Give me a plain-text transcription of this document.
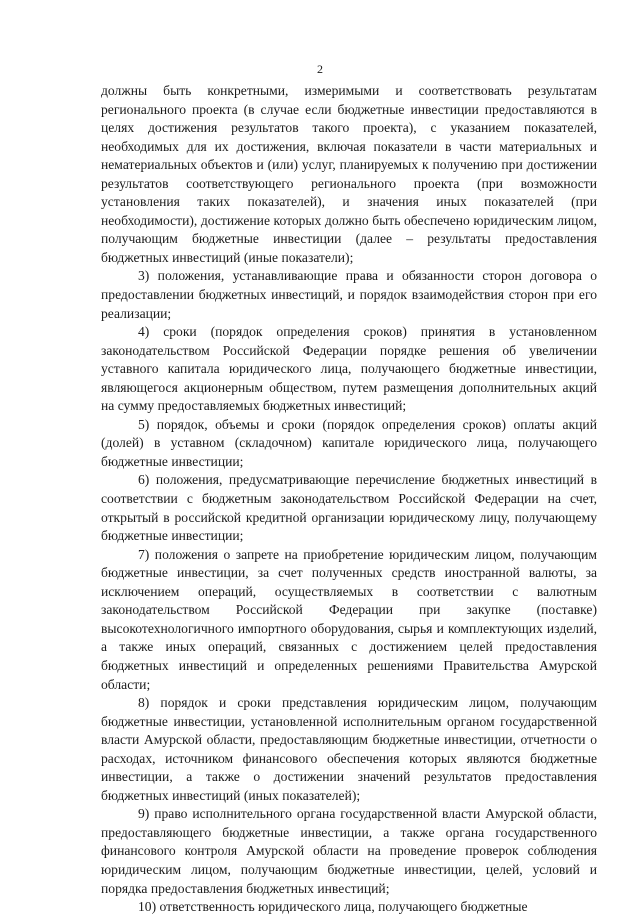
2

должны быть конкретными, измеримыми и соответствовать результатам регионального проекта (в случае если бюджетные инвестиции предоставляются в целях достижения результатов такого проекта), с указанием показателей, необходимых для их достижения, включая показатели в части материальных и нематериальных объектов и (или) услуг, планируемых к получению при достижении результатов соответствующего регионального проекта (при возможности установления таких показателей), и значения иных показателей (при необходимости), достижение которых должно быть обеспечено юридическим лицом, получающим бюджетные инвестиции (далее – результаты предоставления бюджетных инвестиций (иные показатели);

3) положения, устанавливающие права и обязанности сторон договора о предоставлении бюджетных инвестиций, и порядок взаимодействия сторон при его реализации;

4) сроки (порядок определения сроков) принятия в установленном законодательством Российской Федерации порядке решения об увеличении уставного капитала юридического лица, получающего бюджетные инвестиции, являющегося акционерным обществом, путем размещения дополнительных акций на сумму предоставляемых бюджетных инвестиций;

5) порядок, объемы и сроки (порядок определения сроков) оплаты акций (долей) в уставном (складочном) капитале юридического лица, получающего бюджетные инвестиции;

6) положения, предусматривающие перечисление бюджетных инвестиций в соответствии с бюджетным законодательством Российской Федерации на счет, открытый в российской кредитной организации юридическому лицу, получающему бюджетные инвестиции;

7) положения о запрете на приобретение юридическим лицом, получающим бюджетные инвестиции, за счет полученных средств иностранной валюты, за исключением операций, осуществляемых в соответствии с валютным законодательством Российской Федерации при закупке (поставке) высокотехнологичного импортного оборудования, сырья и комплектующих изделий, а также иных операций, связанных с достижением целей предоставления бюджетных инвестиций и определенных решениями Правительства Амурской области;

8) порядок и сроки представления юридическим лицом, получающим бюджетные инвестиции, установленной исполнительным органом государственной власти Амурской области, предоставляющим бюджетные инвестиции, отчетности о расходах, источником финансового обеспечения которых являются бюджетные инвестиции, а также о достижении значений результатов предоставления бюджетных инвестиций (иных показателей);

9) право исполнительного органа государственной власти Амурской области, предоставляющего бюджетные инвестиции, а также органа государственного финансового контроля Амурской области на проведение проверок соблюдения юридическим лицом, получающим бюджетные инвестиции, целей, условий и порядка предоставления бюджетных инвестиций;

10) ответственность юридического лица, получающего бюджетные
